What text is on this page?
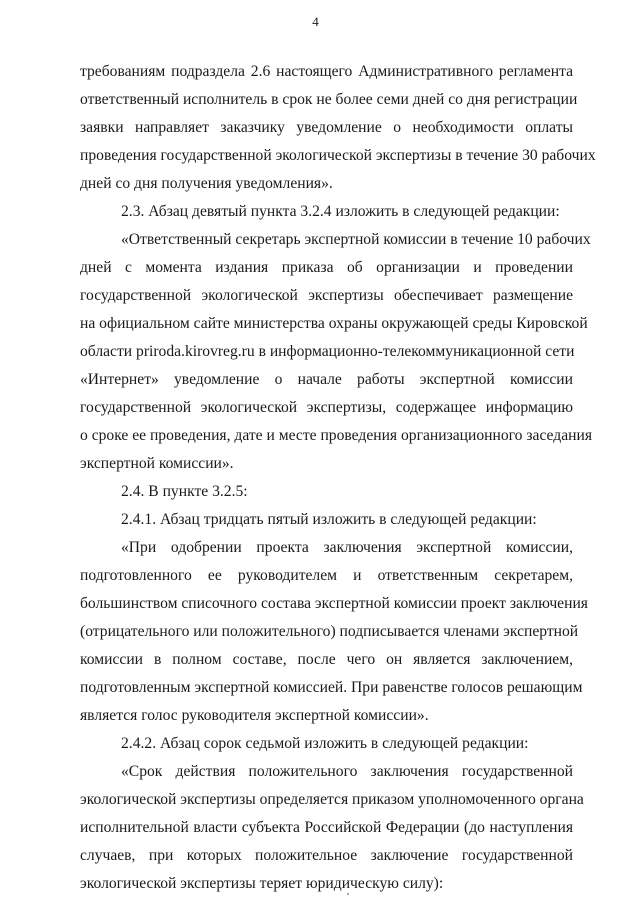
4
требованиям подраздела 2.6 настоящего Административного регламента
ответственный исполнитель в срок не более семи дней со дня регистрации
заявки направляет заказчику уведомление о необходимости оплаты
проведения государственной экологической экспертизы в течение 30 рабочих
дней со дня получения уведомления».
2.3. Абзац девятый пункта 3.2.4 изложить в следующей редакции:
«Ответственный секретарь экспертной комиссии в течение 10 рабочих
дней с момента издания приказа об организации и проведении
государственной экологической экспертизы обеспечивает размещение
на официальном сайте министерства охраны окружающей среды Кировской
области priroda.kirovreg.ru в информационно-телекоммуникационной сети
«Интернет» уведомление о начале работы экспертной комиссии
государственной экологической экспертизы, содержащее информацию
о сроке ее проведения, дате и месте проведения организационного заседания
экспертной комиссии».
2.4. В пункте 3.2.5:
2.4.1. Абзац тридцать пятый изложить в следующей редакции:
«При одобрении проекта заключения экспертной комиссии,
подготовленного ее руководителем и ответственным секретарем,
большинством списочного состава экспертной комиссии проект заключения
(отрицательного или положительного) подписывается членами экспертной
комиссии в полном составе, после чего он является заключением,
подготовленным экспертной комиссией. При равенстве голосов решающим
является голос руководителя экспертной комиссии».
2.4.2. Абзац сорок седьмой изложить в следующей редакции:
«Срок действия положительного заключения государственной
экологической экспертизы определяется приказом уполномоченного органа
исполнительной власти субъекта Российской Федерации (до наступления
случаев, при которых положительное заключение государственной
экологической экспертизы теряет юридическую силу):
